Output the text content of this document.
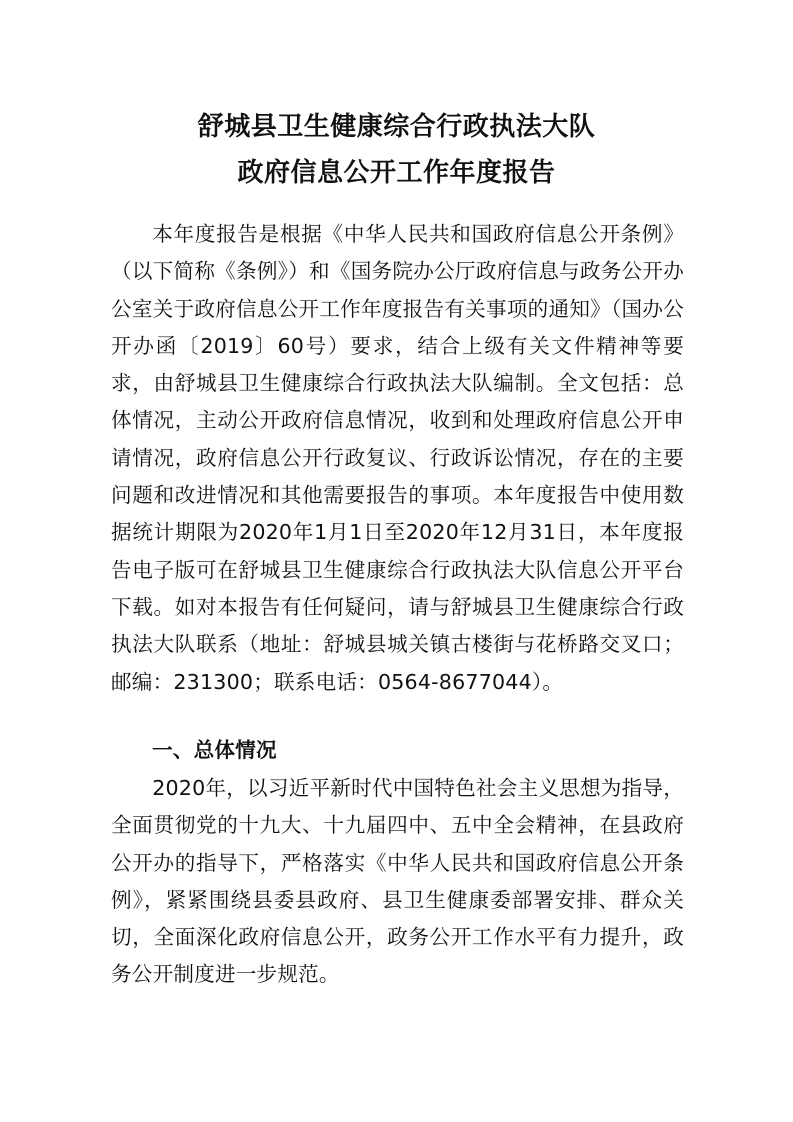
舒城县卫生健康综合行政执法大队
政府信息公开工作年度报告

本年度报告是根据《中华人民共和国政府信息公开条例》（以下简称《条例》）和《国务院办公厅政府信息与政务公开办公室关于政府信息公开工作年度报告有关事项的通知》（国办公开办函〔2019〕60号）要求，结合上级有关文件精神等要求，由舒城县卫生健康综合行政执法大队编制。全文包括：总体情况，主动公开政府信息情况，收到和处理政府信息公开申请情况，政府信息公开行政复议、行政诉讼情况，存在的主要问题和改进情况和其他需要报告的事项。本年度报告中使用数据统计期限为2020年1月1日至2020年12月31日，本年度报告电子版可在舒城县卫生健康综合行政执法大队信息公开平台下载。如对本报告有任何疑问，请与舒城县卫生健康综合行政执法大队联系（地址：舒城县城关镇古楼街与花桥路交叉口；邮编：231300；联系电话：0564-8677044）。

一、总体情况

2020年，以习近平新时代中国特色社会主义思想为指导，全面贯彻党的十九大、十九届四中、五中全会精神，在县政府公开办的指导下，严格落实《中华人民共和国政府信息公开条例》，紧紧围绕县委县政府、县卫生健康委部署安排、群众关切，全面深化政府信息公开，政务公开工作水平有力提升，政务公开制度进一步规范。
